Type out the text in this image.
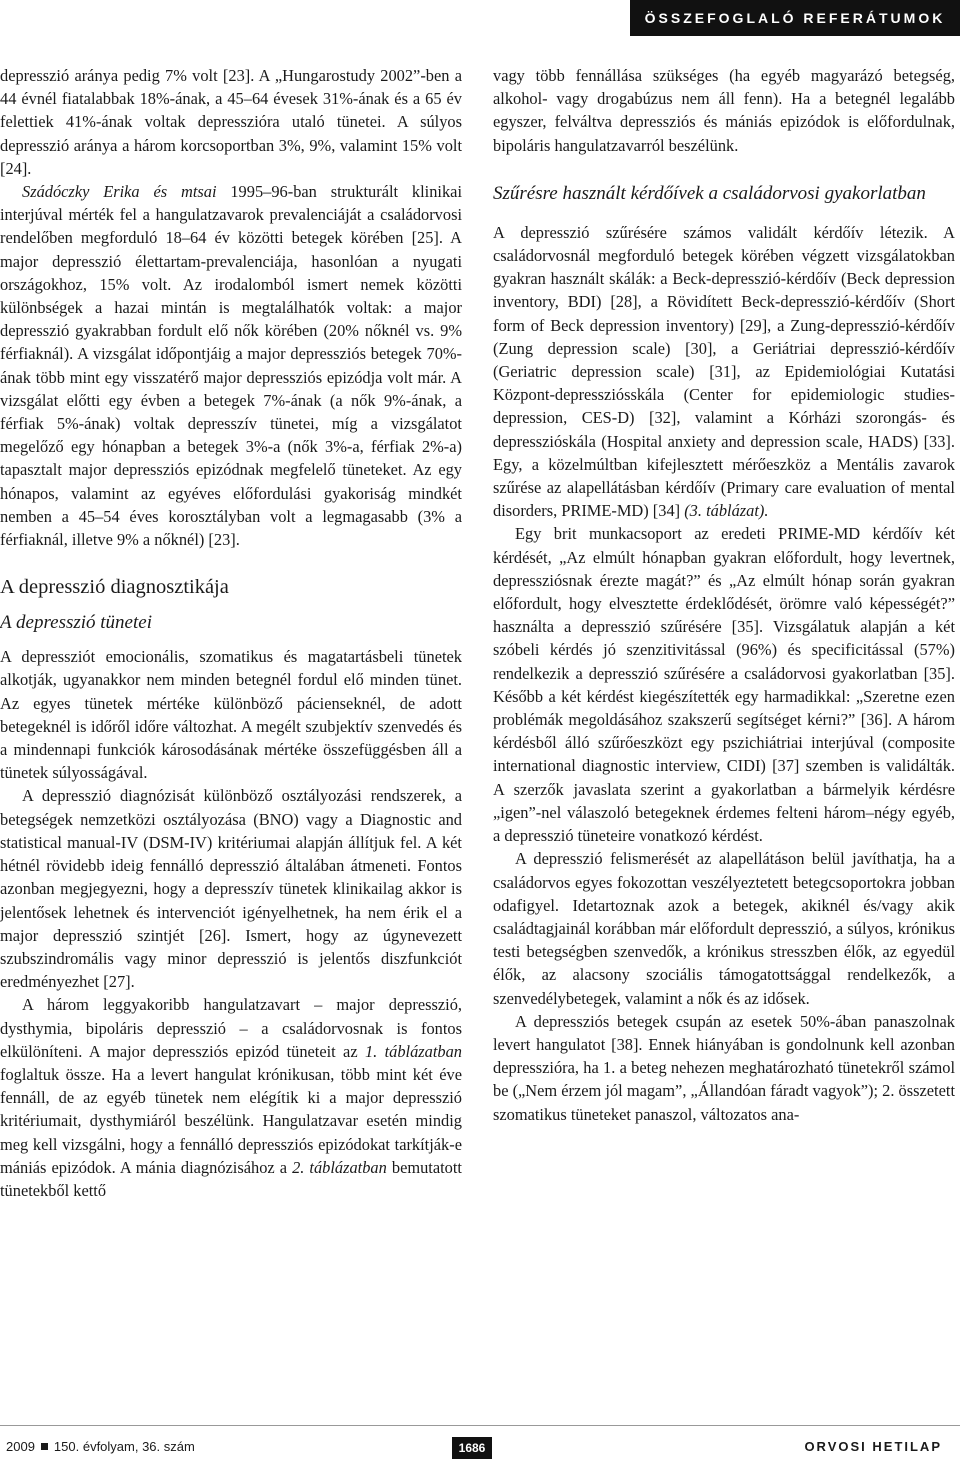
ÖSSZEFOGLALÓ REFERÁTUMOK

depresszió aránya pedig 7% volt [23]. A „Hungarostudy 2002”-ben a 44 évnél fiatalabbak 18%-ának, a 45–64 évesek 31%-ának és a 65 év felettiek 41%-ának voltak depresszióra utaló tünetei. A súlyos depresszió aránya a három korcsoportban 3%, 9%, valamint 15% volt [24].

Szádóczky Erika és mtsai 1995–96-ban strukturált klinikai interjúval mérték fel a hangulatzavarok prevalenciáját a családorvosi rendelőben megforduló 18–64 év közötti betegek körében [25]. A major depresszió élettartam-prevalenciája, hasonlóan a nyugati országokhoz, 15% volt. Az irodalomból ismert nemek közötti különbségek a hazai mintán is megtalálhatók voltak: a major depresszió gyakrabban fordult elő nők körében (20% nőknél vs. 9% férfiaknál). A vizsgálat időpontjáig a major depressziós betegek 70%-ának több mint egy visszatérő major depressziós epizódja volt már. A vizsgálat előtti egy évben a betegek 7%-ának (a nők 9%-ának, a férfiak 5%-ának) voltak depresszív tünetei, míg a vizsgálatot megelőző egy hónapban a betegek 3%-a (nők 3%-a, férfiak 2%-a) tapasztalt major depressziós epizódnak megfelelő tüneteket. Az egy hónapos, valamint az egyéves előfordulási gyakoriság mindkét nemben a 45–54 éves korosztályban volt a legmagasabb (3% a férfiaknál, illetve 9% a nőknél) [23].

A depresszió diagnosztikája
A depresszió tünetei

A depressziót emocionális, szomatikus és magatartásbeli tünetek alkotják, ugyanakkor nem minden betegnél fordul elő minden tünet. Az egyes tünetek mértéke különböző pácienseknél, de adott betegeknél is időről időre változhat. A megélt szubjektív szenvedés és a mindennapi funkciók károsodásának mértéke összefüggésben áll a tünetek súlyosságával.

A depresszió diagnózisát különböző osztályozási rendszerek, a betegségek nemzetközi osztályozása (BNO) vagy a Diagnostic and statistical manual-IV (DSM-IV) kritériumai alapján állítjuk fel. A két hétnél rövidebb ideig fennálló depresszió általában átmeneti. Fontos azonban megjegyezni, hogy a depresszív tünetek klinikailag akkor is jelentősek lehetnek és intervenciót igényelhetnek, ha nem érik el a major depresszió szintjét [26]. Ismert, hogy az úgynevezett szubszindromális vagy minor depresszió is jelentős diszfunkciót eredményezhet [27].

A három leggyakoribb hangulatzavart – major depresszió, dysthymia, bipoláris depresszió – a családorvosnak is fontos elkülöníteni. A major depressziós epizód tüneteit az 1. táblázatban foglaltuk össze. Ha a levert hangulat krónikusan, több mint két éve fennáll, de az egyéb tünetek nem elégítik ki a major depresszió kritériumait, dysthymiáról beszélünk. Hangulatzavar esetén mindig meg kell vizsgálni, hogy a fennálló depressziós epizódokat tarkítják-e mániás epizódok. A mánia diagnózisához a 2. táblázatban bemutatott tünetekből kettő

vagy több fennállása szükséges (ha egyéb magyarázó betegség, alkohol- vagy drogabúzus nem áll fenn). Ha a betegnél legalább egyszer, felváltva depressziós és mániás epizódok is előfordulnak, bipoláris hangulatzavarról beszélünk.

Szűrésre használt kérdőívek a családorvosi gyakorlatban

A depresszió szűrésére számos validált kérdőív létezik. A családorvosnál megforduló betegek körében végzett vizsgálatokban gyakran használt skálák: a Beck-depresszió-kérdőív (Beck depression inventory, BDI) [28], a Rövidített Beck-depresszió-kérdőív (Short form of Beck depression inventory) [29], a Zung-depresszió-kérdőív (Zung depression scale) [30], a Geriátriai depresszió-kérdőív (Geriatric depression scale) [31], az Epidemiológiai Kutatási Központ-depressziósskála (Center for epidemiologic studies-depression, CES-D) [32], valamint a Kórházi szorongás- és depresszióskála (Hospital anxiety and depression scale, HADS) [33]. Egy, a közelmúltban kifejlesztett mérőeszköz a Mentális zavarok szűrése az alapellátásban kérdőív (Primary care evaluation of mental disorders, PRIME-MD) [34] (3. táblázat).

Egy brit munkacsoport az eredeti PRIME-MD kérdőív két kérdését, „Az elmúlt hónapban gyakran előfordult, hogy levertnek, depressziósnak érezte magát?” és „Az elmúlt hónap során gyakran előfordult, hogy elvesztette érdeklődését, örömre való képességét?” használta a depresszió szűrésére [35]. Vizsgálatuk alapján a két szóbeli kérdés jó szenzitivitással (96%) és specificitással (57%) rendelkezik a depresszió szűrésére a családorvosi gyakorlatban [35]. Később a két kérdést kiegészítették egy harmadikkal: „Szeretne ezen problémák megoldásához szakszerű segítséget kérni?” [36]. A három kérdésből álló szűrőeszközt egy pszichiátriai interjúval (composite international diagnostic interview, CIDI) [37] szemben is validálták. A szerzők javaslata szerint a gyakorlatban a bármelyik kérdésre „igen”-nel válaszoló betegeknek érdemes felteni három–négy egyéb, a depresszió tüneteire vonatkozó kérdést.

A depresszió felismerését az alapellátáson belül javíthatja, ha a családorvos egyes fokozottan veszélyeztetett betegcsoportokra jobban odafigyel. Idetartoznak azok a betegek, akiknél és/vagy akik családtagjainál korábban már előfordult depresszió, a súlyos, krónikus testi betegségben szenvedők, a krónikus stresszben élők, az egyedül élők, az alacsony szociális támogatottsággal rendelkezők, a szenvedélybetegek, valamint a nők és az idősek.

A depressziós betegek csupán az esetek 50%-ában panaszolnak levert hangulatot [38]. Ennek hiányában is gondolnunk kell azonban depresszióra, ha 1. a beteg nehezen meghatározható tünetekről számol be („Nem érzem jól magam”, „Állandóan fáradt vagyok”); 2. összetett szomatikus tüneteket panaszol, változatos ana-

2009 150. évfolyam, 36. szám	1686	ORVOSI HETILAP
